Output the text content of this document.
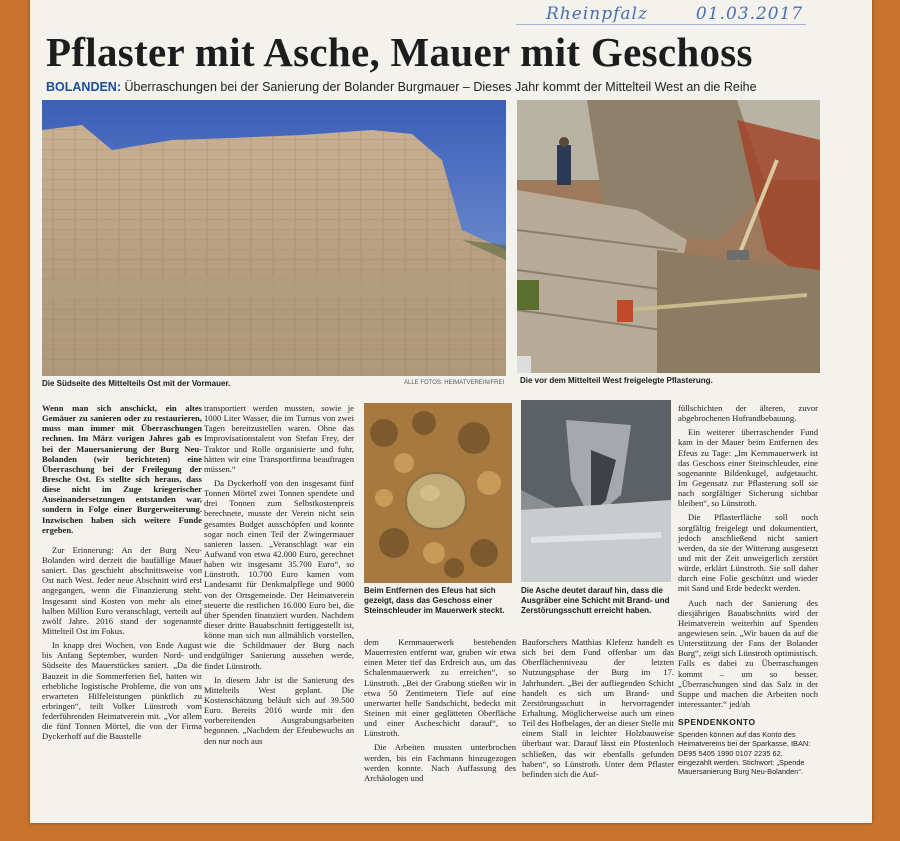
Rheinpfalz	01.03.2017
Pflaster mit Asche, Mauer mit Geschoss
BOLANDEN: Überraschungen bei der Sanierung der Bolander Burgmauer – Dieses Jahr kommt der Mittelteil West an die Reihe
Die Südseite des Mittelteils Ost mit der Vormauer.	ALLE FOTOS: HEIMATVEREIN/FREI Die vor dem Mittelteil West freigelegte Pflasterung.

Wenn man sich anschickt, ein altes Gemäuer zu sanieren oder zu restaurieren, muss man immer mit Überraschungen rechnen. Im März vorigen Jahres gab es bei der Mauersanierung der Burg Neu-Bolanden (wir berichteten) eine Überraschung bei der Freilegung der Bresche Ost. Es stellte sich heraus, dass diese nicht im Zuge kriegerischer Auseinandersetzungen entstanden war, sondern in Folge einer Burgerweiterung. Inzwischen haben sich weitere Funde ergeben.

Zur Erinnerung: An der Burg Neu-Bolanden wird derzeit die baufällige Mauer saniert. Das geschieht abschnittsweise von Ost nach West. Jeder neue Abschnitt wird erst angegangen, wenn die Finanzierung steht. Insgesamt sind Kosten von mehr als einer halben Million Euro veranschlagt, verteilt auf zwölf Jahre. 2016 stand der sogenannte Mittelteil Ost im Fokus.

In knapp drei Wochen, von Ende August bis Anfang September, wurden Nord- und Südseite des Mauerstückes saniert. „Da die Bauzeit in die Sommerferien fiel, hatten wir erhebliche logistische Probleme, die von uns erwarteten Hilfeleistungen pünktlich zu erbringen“, teilt Volker Lünstroth vom federführenden Heimatverein mit. „Vor allem die fünf Tonnen Mörtel, die von der Firma Dyckerhoff auf die Baustelle

transportiert werden mussten, sowie je 1000 Liter Wasser, die im Turnus von zwei Tagen bereitzustellen waren. Ohne das Improvisationstalent von Stefan Frey, der Traktor und Rolle organisierte und fuhr, hätten wir eine Transportfirma beauftragen müssen.“

Da Dyckerhoff von den insgesamt fünf Tonnen Mörtel zwei Tonnen spendete und drei Tonnen zum Selbstkostenpreis berechnete, musste der Verein nicht sein gesamtes Budget ausschöpfen und konnte sogar noch einen Teil der Zwingermauer sanieren lassen. „Veranschlagt war ein Aufwand von etwa 42.000 Euro, gerechnet haben wir insgesamt 35.700 Euro“, so Lünstroth. 10.700 Euro kamen vom Landesamt für Denkmalpflege und 9000 von der Ortsgemeinde. Der Heimatverein steuerte die restlichen 16.000 Euro bei, die über Spenden finanziert wurden. Nachdem dieser dritte Bauabschnitt fertiggestellt ist, könne man sich nun allmählich vorstellen, wie die Schildmauer der Burg nach endgültiger Sanierung aussehen werde, findet Lünstroth.

In diesem Jahr ist die Sanierung des Mittelteils West geplant. Die Kostenschätzung beläuft sich auf 39.500 Euro. Bereits 2016 wurde mit den vorbereitenden Ausgrabungsarbeiten begonnen. „Nachdem der Efeubewuchs an den nur noch aus

Beim Entfernen des Efeus hat sich gezeigt, dass das Geschoss einer Steinschleuder im Mauerwerk steckt.
Die Asche deutet darauf hin, dass die Ausgräber eine Schicht mit Brand- und Zerstörungsschutt erreicht haben.

dem Kernmauerwerk bestehenden Mauerresten entfernt war, gruben wir etwa einen Meter tief das Erdreich aus, um das Schalenmauerwerk zu erreichen“, so Lünstroth. „Bei der Grabung stießen wir in etwa 50 Zentimetern Tiefe auf eine unerwartet helle Sandschicht, bedeckt mit Steinen mit einer geglätteten Oberfläche und einer Ascheschicht darauf“, so Lünstroth.

Die Arbeiten mussten unterbrochen werden, bis ein Fachmann hinzugezogen werden konnte. Nach Auffassung des Archäologen und

Bauforschers Matthias Klefenz handelt es sich bei dem Fund offenbar um das Oberflächenniveau der letzten Nutzungsphase der Burg im 17. Jahrhundert. „Bei der aufliegenden Schicht handelt es sich um Brand- und Zerstörungsschutt in hervorragender Erhaltung. Möglicherweise auch um einen Teil des Hofbelages, der an dieser Stelle mit einem Stall in leichter Holzbauweise überbaut war. Darauf lässt ein Pfostenloch schließen, das wir ebenfalls gefunden haben“, so Lünstroth. Unter dem Pflaster befinden sich die Auf-

füllschichten der älteren, zuvor abgebrochenen Hofrandbebauung.

Ein weiterer überraschender Fund kam in der Mauer beim Entfernen des Efeus zu Tage: „Im Kernmauerwerk ist das Geschoss einer Steinschleuder, eine sogenannte Bildenkugel, aufgetaucht. Im Gegensatz zur Pflasterung soll sie nach sorgfältiger Sicherung sichtbar bleiben“, so Lünstroth.

Die Pflasterfläche soll noch sorgfältig freigelegt und dokumentiert, jedoch anschließend nicht saniert werden, da sie der Witterung ausgesetzt und mit der Zeit unweigerlich zerstört würde, erklärt Lünstroth. Sie soll daher durch eine Folie geschützt und wieder mit Sand und Erde bedeckt werden.

Auch nach der Sanierung des diesjährigen Bauabschnitts wird der Heimatverein weiterhin auf Spenden angewiesen sein. „Wir bauen da auf die Unterstützung der Fans der Bolander Burg“, zeigt sich Lünstroth optimistisch. Falls es dabei zu Überraschungen kommt – um so besser. „Überraschungen sind das Salz in der Suppe und machen die Arbeiten noch interessanter.“ jed/ah

SPENDENKONTO
Spenden können auf das Konto des Heimatvereins bei der Sparkasse, IBAN: DE95 5405 1990 0107 2235 62, eingezahlt werden. Stichwort: „Spende Mauersanierung Burg Neu-Bolanden“.
